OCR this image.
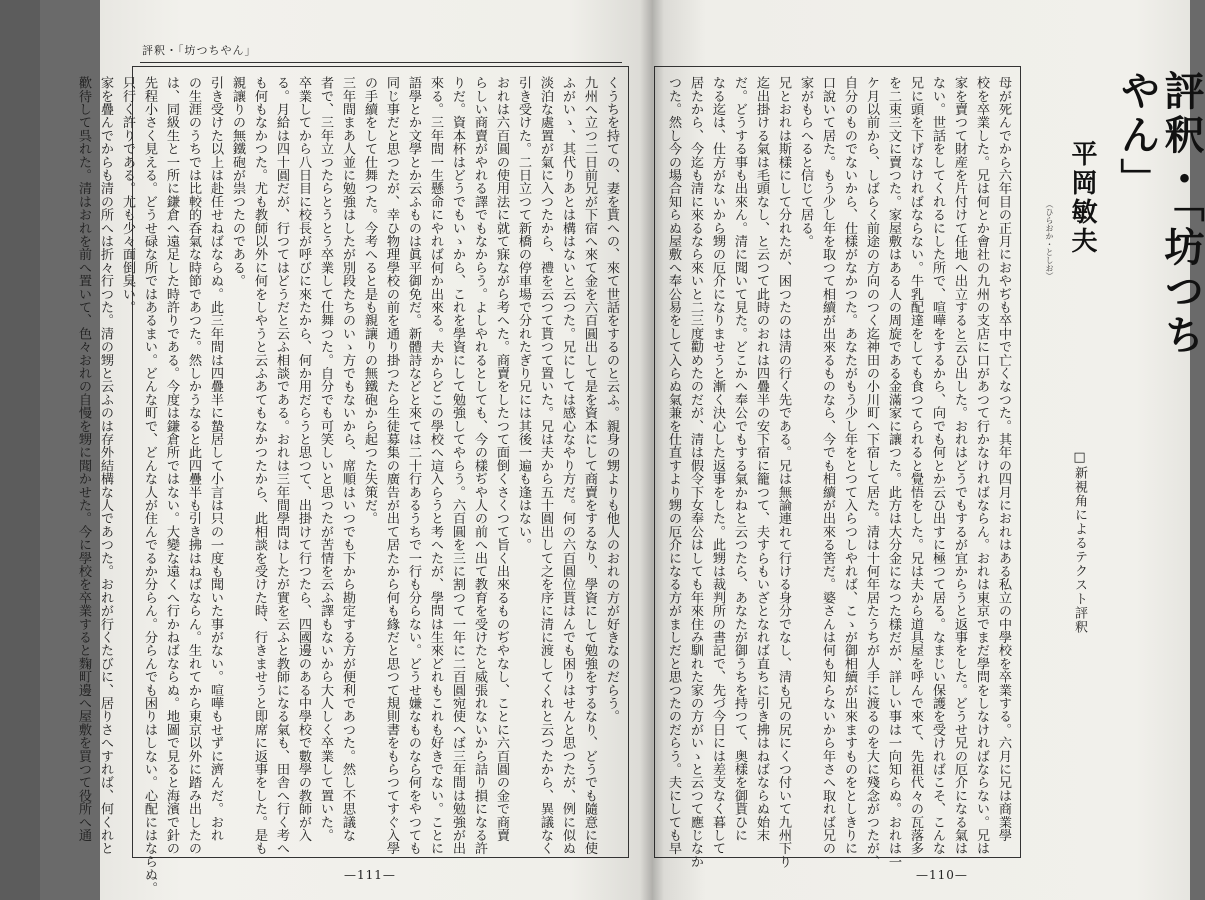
評釈・「坊つちやん」
くうちを持ての、妻を貰への、來て世話をするのと云ふ。親身の甥よりも他人のおれの方が好きなのだらう。
九州へ立つ二日前兄が下宿へ來て金を六百圓出して是を資本にして商賣をするなり、學資にして勉強をするなり、どうでも隨意に使
ふがいゝ、其代りあとは構はないと云つた。兄にしては感心なやり方だ。何の六百圓位貰はんでも困りはせんと思つたが、例に似ぬ
淡泊な處置が氣に入つたから、禮を云つて貰つて置いた。兄は夫から五十圓出して之を序に清に渡してくれと云つたから、異議なく
引き受けた。二日立つて新橋の停車場で分れたぎり兄には其後一遍も逢はない。
おれは六百圓の使用法に就て寐ながら考へた。商賣をしたつて面倒くさくつて旨く出來るものぢやなし、ことに六百圓の金で商賣
らしい商賣がやれる譯でもなからう。よしやれるとしても、今の樣ぢや人の前へ出て教育を受けたと威張れないから詰り損になる許
りだ。資本杯はどうでもいゝから、これを學資にして勉強してやらう。六百圓を三に割つて一年に二百圓宛使へば三年間は勉強が出
來る。三年間一生懸命にやれば何か出來る。夫からどこの學校へ這入らうと考へたが、學問は生來どれもこれも好きでない。ことに
語學とか文學とか云ふものは眞平御免だ。新體詩などと來ては二十行あるうちで一行も分らない。どうせ嫌なものなら何をやつても
同じ事だと思つたが、幸ひ物理學校の前を通り掛つたら生徒募集の廣告が出て居たから何も緣だと思つて規則書をもらつてすぐ入學
の手續をして仕舞つた。今考へると是も親讓りの無鐵砲から起つた失策だ。
三年間まあ人並に勉強はしたが別段たちのいゝ方でもないから、席順はいつでも下から勘定する方が便利であつた。然し不思議な
者で、三年立つたらとうとう卒業して仕舞つた。自分でも可笑しいと思つたが苦情を云ふ譯もないから大人しく卒業して置いた。
卒業してから八日目に校長が呼びに來たから、何か用だらうと思つて、出掛けて行つたら、四國邊のある中學校で數學の教師が入
る。月給は四十圓だが、行つてはどうだと云ふ相談である。おれは三年間學問はしたが實を云ふと教師になる氣も、田舎へ行く考へ
も何もなかつた。尤も教師以外に何をしやうと云ふあてもなかつたから、此相談を受けた時、行きませうと即席に返事をした。是も
親讓りの無鐵砲が祟つたのである。
引き受けた以上は赴任せねばならぬ。此三年間は四疊半に蟄居して小言は只の一度も聞いた事がない。喧嘩もせずに濟んだ。おれ
の生涯のうちでは比較的呑氣な時節であつた。然しかうなると此四疊半も引き拂はねばならん。生れてから東京以外に踏み出したの
は、同級生と一所に鎌倉へ遠足した時許りである。今度は鎌倉所ではない。大變な遠くへ行かねばならぬ。地圖で見ると海濱で針の
先程小さく見える。どうせ碌な所ではあるまい。どんな町で、どんな人が住んでるか分らん。分らんでも困りはしない。心配にはならぬ。
只行く許りである。尤も少々面倒臭い。
家を疊んでからも清の所へは折々行つた。清の甥と云ふのは存外結構な人であつた。おれが行くたびに、居りさへすれば、何くれと
歡待して呉れた。清はおれを前へ置いて、色々おれの自慢を甥に聞かせた。今に學校を卒業すると麴町邊へ屋敷を買つて役所へ通
—111—
母が死んでから六年目の正月におやぢも卒中で亡くなつた。其年の四月におれはある私立の中學校を卒業する。六月に兄は商業學
校を卒業した。兄は何とか會社の九州の支店に口があつて行かなければならん。おれは東京でまだ學問をしなければならない。兄は
家を賣つて財産を片付けて任地へ出立すると云ひ出した。おれはどうでもするが宜からうと返事をした。どうせ兄の厄介になる氣は
ない。世話をしてくれるにした所で、喧嘩をするから、向でも何とか云ひ出すに極つて居る。なまじい保護を受ければこそ、こんな
兄に頭を下げなければならない。牛乳配達をしても食つてられると覺悟をした。兄は夫から道具屋を呼んで來て、先祖代々の瓦落多
を二束三文に賣つた。家屋敷はある人の周旋である金滿家に讓つた。此方は大分金になつた樣だが、詳しい事は一向知らぬ。おれは一
ケ月以前から、しばらく前途の方向のつく迄神田の小川町へ下宿して居た。清は十何年居たうちが人手に渡るのを大に殘念がつたが、
自分のものでないから、仕樣がなかつた。あなたがもう少し年をとつて入らつしやれば、こゝが御相續が出來ますものをとしきりに
口說いて居た。もう少し年を取つて相續が出來るものなら、今でも相續が出來る筈だ。婆さんは何も知らないから年さへ取れば兄の
家がもらへると信じて居る。
兄とおれは斯樣にして分れたが、困つたのは清の行く先である。兄は無論連れて行ける身分でなし、清も兄の尻にくつ付いて九州下り
迄出掛ける氣は毛頭なし、と云つて此時のおれは四疊半の安下宿に籠つて、夫すらもいざとなれば直ちに引き拂はねばならぬ始末
だ。どうする事も出來ん。清に聞いて見た。どこかへ奉公でもする氣かねと云つたら、あなたが御うちを持つて、奥樣を御貰ひに
なる迄は、仕方がないから甥の厄介になりませうと漸く決心した返事をした。此甥は裁判所の書記で、先づ今日には差支なく暮して
居たから、今迄も清に來るなら來いと二三度勸めたのだが、清は假令下女奉公はしても年來住み馴れた家の方がいゝと云つて應じなか
つた。然し今の場合知らぬ屋敷へ奉公易をして入らぬ氣兼を仕直すより甥の厄介になる方がましだと思つたのだらう。夫にしても早	評釈・「坊つちやん」
平岡敏夫
（ひらおか・としお）
□新視角によるテクスト評釈
—110—
